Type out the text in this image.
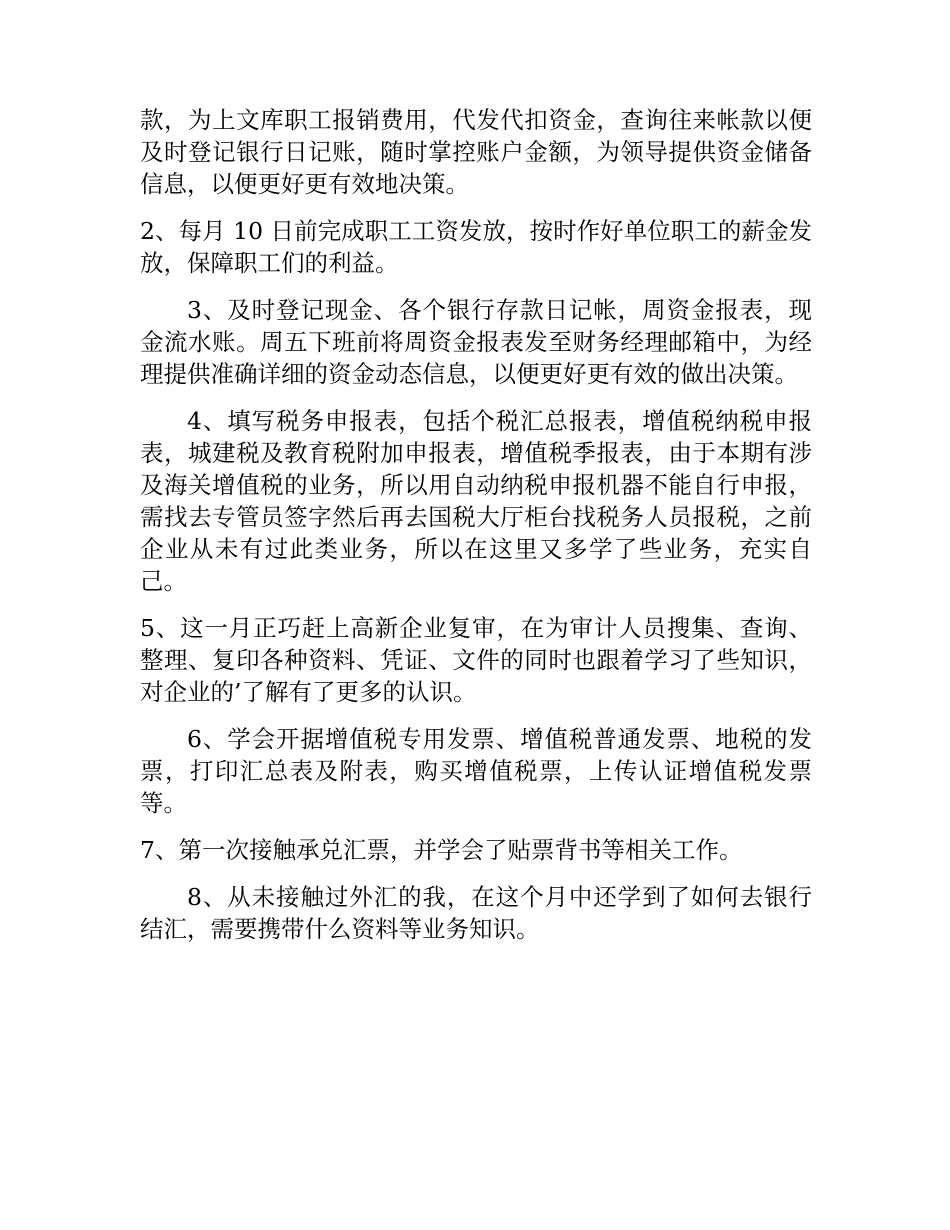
款，为上文库职工报销费用，代发代扣资金，查询往来帐款以便及时登记银行日记账，随时掌控账户金额，为领导提供资金储备信息，以便更好更有效地决策。

2、每月 10 日前完成职工工资发放，按时作好单位职工的薪金发放，保障职工们的利益。

3、及时登记现金、各个银行存款日记帐，周资金报表，现金流水账。周五下班前将周资金报表发至财务经理邮箱中，为经理提供准确详细的资金动态信息，以便更好更有效的做出决策。

4、填写税务申报表，包括个税汇总报表，增值税纳税申报表，城建税及教育税附加申报表，增值税季报表，由于本期有涉及海关增值税的业务，所以用自动纳税申报机器不能自行申报，需找去专管员签字然后再去国税大厅柜台找税务人员报税，之前企业从未有过此类业务，所以在这里又多学了些业务，充实自己。

5、这一月正巧赶上高新企业复审，在为审计人员搜集、查询、整理、复印各种资料、凭证、文件的同时也跟着学习了些知识，对企业的’了解有了更多的认识。

6、学会开据增值税专用发票、增值税普通发票、地税的发票，打印汇总表及附表，购买增值税票，上传认证增值税发票等。

7、第一次接触承兑汇票，并学会了贴票背书等相关工作。

8、从未接触过外汇的我，在这个月中还学到了如何去银行结汇，需要携带什么资料等业务知识。
